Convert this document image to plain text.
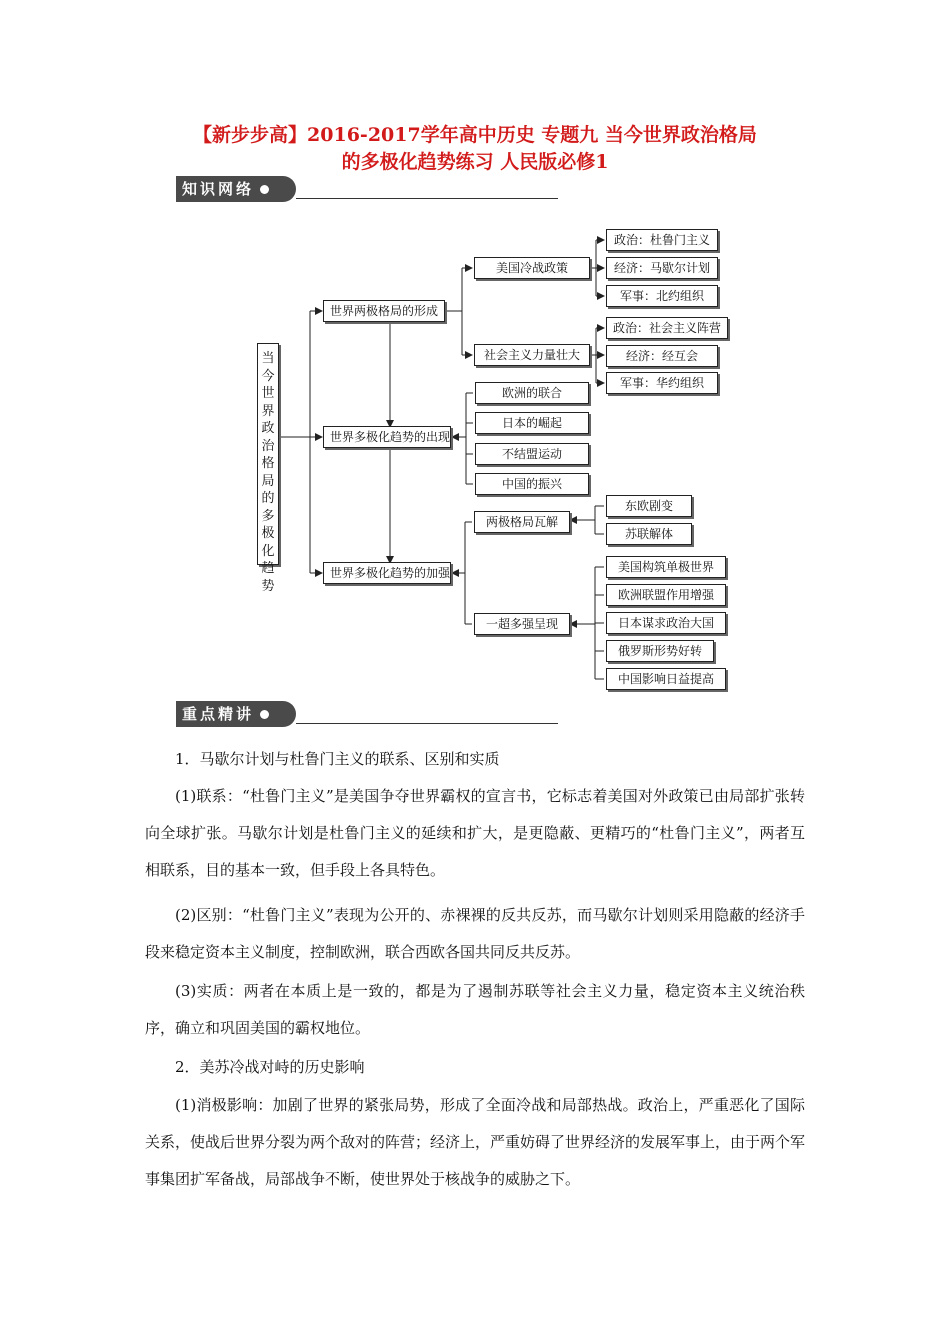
【新步步高】2016-2017学年高中历史 专题九 当今世界政治格局
的多极化趋势练习 人民版必修1
知识网络
当今世界政治格局的多极化趋势
世界两极格局的形成
美国冷战政策
政治：杜鲁门主义
经济：马歇尔计划
军事：北约组织
社会主义力量壮大
政治：社会主义阵营
经济：经互会
军事：华约组织
世界多极化趋势的出现
欧洲的联合
日本的崛起
不结盟运动
中国的振兴
世界多极化趋势的加强
两极格局瓦解
东欧剧变
苏联解体
一超多强呈现
美国构筑单极世界
欧洲联盟作用增强
日本谋求政治大国
俄罗斯形势好转
中国影响日益提高
重点精讲
1．马歇尔计划与杜鲁门主义的联系、区别和实质
(1)联系：“杜鲁门主义”是美国争夺世界霸权的宣言书，它标志着美国对外政策已由局部扩张转向全球扩张。马歇尔计划是杜鲁门主义的延续和扩大，是更隐蔽、更精巧的“杜鲁门主义”，两者互相联系，目的基本一致，但手段上各具特色。
(2)区别：“杜鲁门主义”表现为公开的、赤裸裸的反共反苏，而马歇尔计划则采用隐蔽的经济手段来稳定资本主义制度，控制欧洲，联合西欧各国共同反共反苏。
(3)实质：两者在本质上是一致的，都是为了遏制苏联等社会主义力量，稳定资本主义统治秩序，确立和巩固美国的霸权地位。
2．美苏冷战对峙的历史影响
(1)消极影响：加剧了世界的紧张局势，形成了全面冷战和局部热战。政治上，严重恶化了国际关系，使战后世界分裂为两个敌对的阵营；经济上，严重妨碍了世界经济的发展军事上，由于两个军事集团扩军备战，局部战争不断，使世界处于核战争的威胁之下。
